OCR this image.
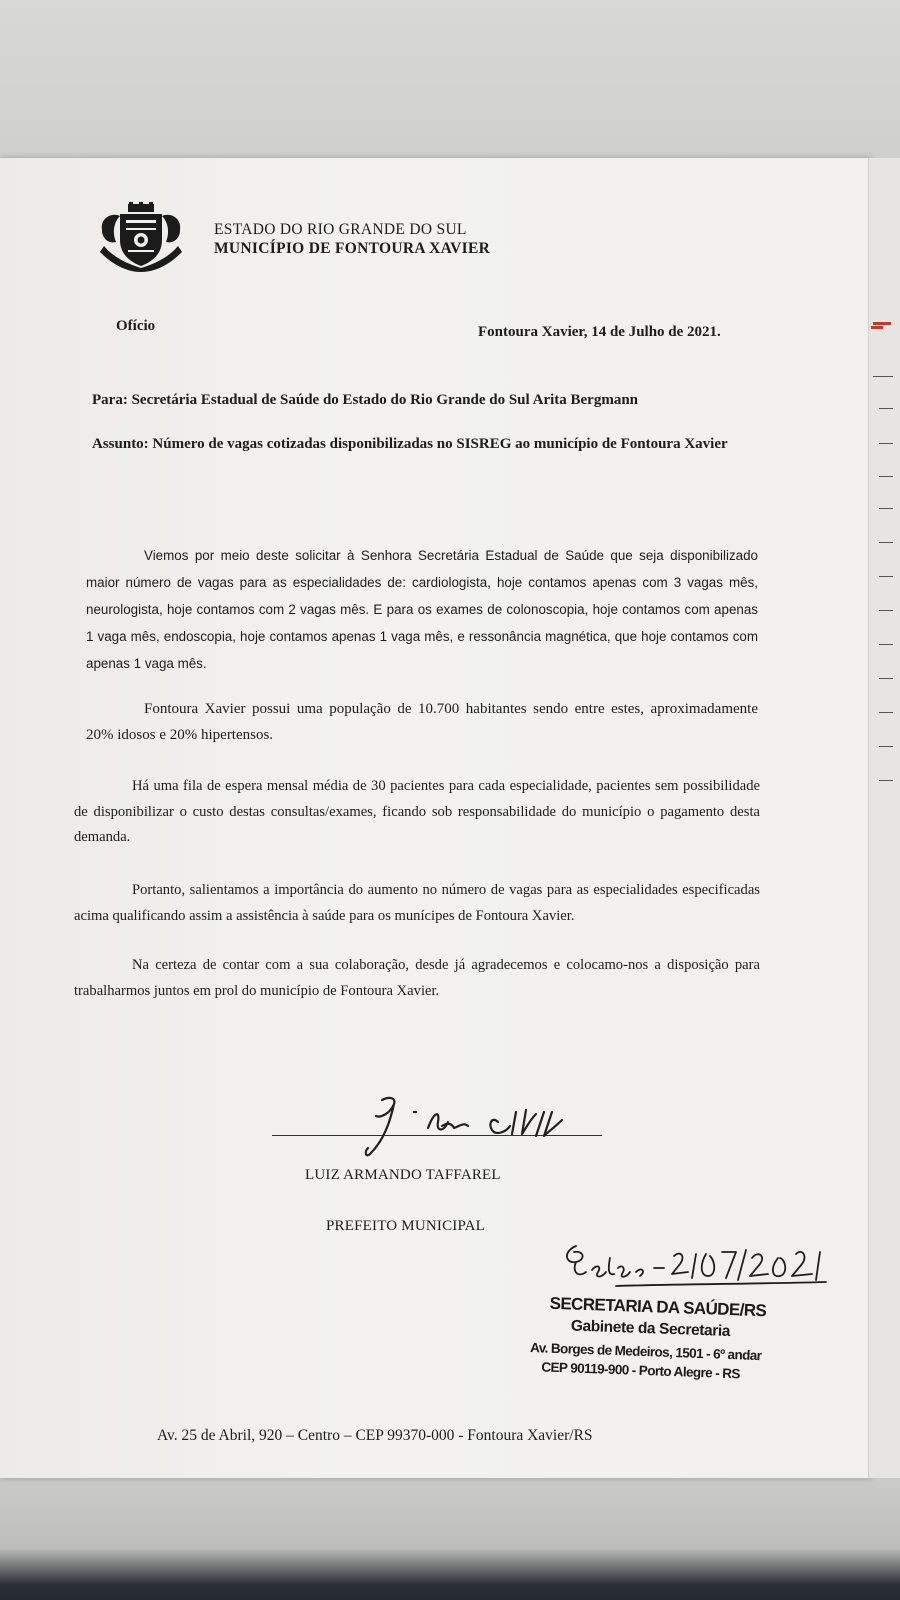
ESTADO DO RIO GRANDE DO SUL
MUNICÍPIO DE FONTOURA XAVIER
Ofício	Fontoura Xavier, 14 de Julho de 2021.
Para: Secretária Estadual de Saúde do Estado do Rio Grande do Sul Arita Bergmann
Assunto: Número de vagas cotizadas disponibilizadas no SISREG ao município de Fontoura Xavier

Viemos por meio deste solicitar à Senhora Secretária Estadual de Saúde que seja disponibilizado maior número de vagas para as especialidades de: cardiologista, hoje contamos apenas com 3 vagas mês, neurologista, hoje contamos com 2 vagas mês. E para os exames de colonoscopia, hoje contamos com apenas 1 vaga mês, endoscopia, hoje contamos apenas 1 vaga mês, e ressonância magnética, que hoje contamos com apenas 1 vaga mês.

Fontoura Xavier possui uma população de 10.700 habitantes sendo entre estes, aproximadamente 20% idosos e 20% hipertensos.

Há uma fila de espera mensal média de 30 pacientes para cada especialidade, pacientes sem possibilidade de disponibilizar o custo destas consultas/exames, ficando sob responsabilidade do município o pagamento desta demanda.

Portanto, salientamos a importância do aumento no número de vagas para as especialidades especificadas acima qualificando assim a assistência à saúde para os munícipes de Fontoura Xavier.

Na certeza de contar com a sua colaboração, desde já agradecemos e colocamo-nos a disposição para trabalharmos juntos em prol do município de Fontoura Xavier.

LUIZ ARMANDO TAFFAREL
PREFEITO MUNICIPAL
SECRETARIA DA SAÚDE/RS
Gabinete da Secretaria
Av. Borges de Medeiros, 1501 - 6º andar
CEP 90119-900 - Porto Alegre - RS
Av. 25 de Abril, 920 – Centro – CEP 99370-000 - Fontoura Xavier/RS
